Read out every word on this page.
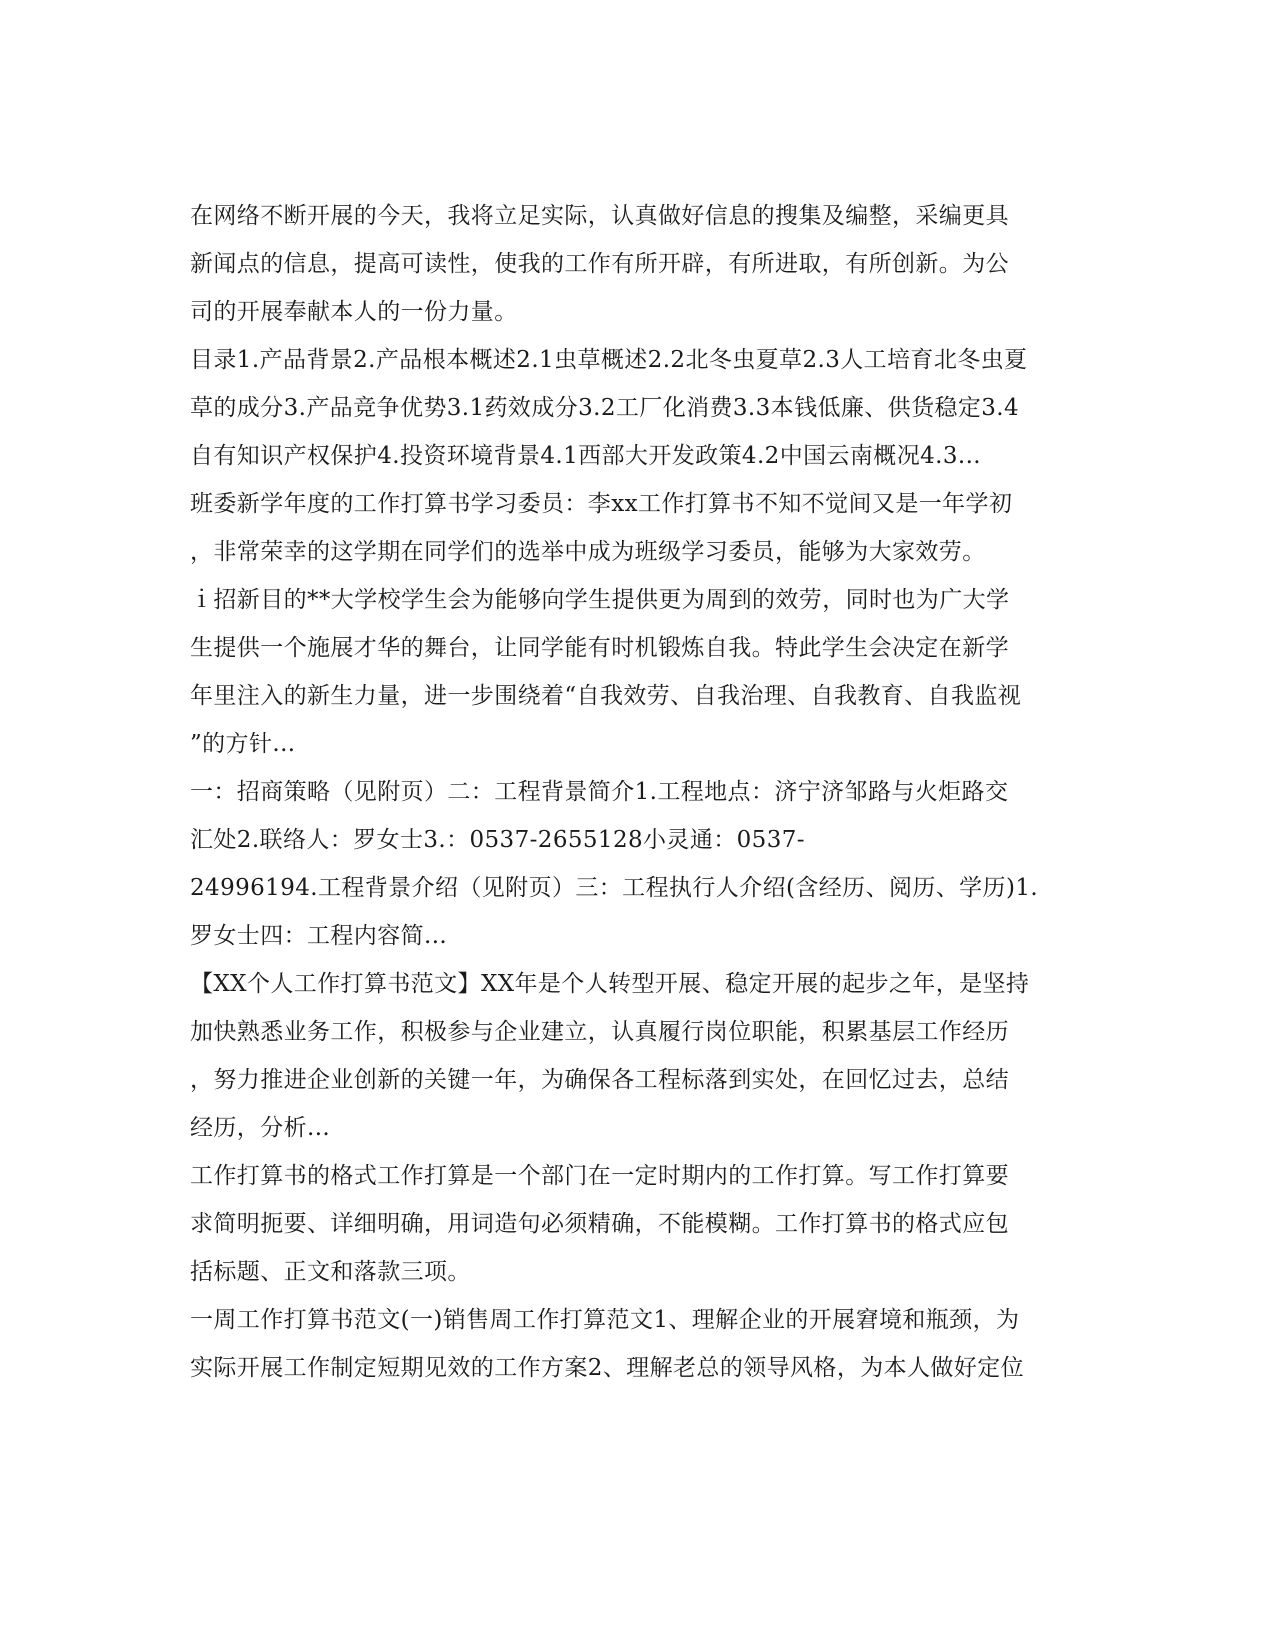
在网络不断开展的今天，我将立足实际，认真做好信息的搜集及编整，采编更具
新闻点的信息，提高可读性，使我的工作有所开辟，有所进取，有所创新。为公
司的开展奉献本人的一份力量。
目录1.产品背景2.产品根本概述2.1虫草概述2.2北冬虫夏草2.3人工培育北冬虫夏
草的成分3.产品竞争优势3.1药效成分3.2工厂化消费3.3本钱低廉、供货稳定3.4
自有知识产权保护4.投资环境背景4.1西部大开发政策4.2中国云南概况4.3...
班委新学年度的工作打算书学习委员：李xx工作打算书不知不觉间又是一年学初
，非常荣幸的这学期在同学们的选举中成为班级学习委员，能够为大家效劳。
ｉ招新目的**大学校学生会为能够向学生提供更为周到的效劳，同时也为广大学
生提供一个施展才华的舞台，让同学能有时机锻炼自我。特此学生会决定在新学
年里注入的新生力量，进一步围绕着“自我效劳、自我治理、自我教育、自我监视
”的方针...
一：招商策略（见附页）二：工程背景简介1.工程地点：济宁济邹路与火炬路交
汇处2.联络人：罗女士3.：0537-2655128小灵通：0537-
24996194.工程背景介绍（见附页）三：工程执行人介绍(含经历、阅历、学历)1.
罗女士四：工程内容简...
【XX个人工作打算书范文】XX年是个人转型开展、稳定开展的起步之年，是坚持
加快熟悉业务工作，积极参与企业建立，认真履行岗位职能，积累基层工作经历
，努力推进企业创新的关键一年，为确保各工程标落到实处，在回忆过去，总结
经历，分析...
工作打算书的格式工作打算是一个部门在一定时期内的工作打算。写工作打算要
求简明扼要、详细明确，用词造句必须精确，不能模糊。工作打算书的格式应包
括标题、正文和落款三项。
一周工作打算书范文(一)销售周工作打算范文1、理解企业的开展窘境和瓶颈，为
实际开展工作制定短期见效的工作方案2、理解老总的领导风格，为本人做好定位
